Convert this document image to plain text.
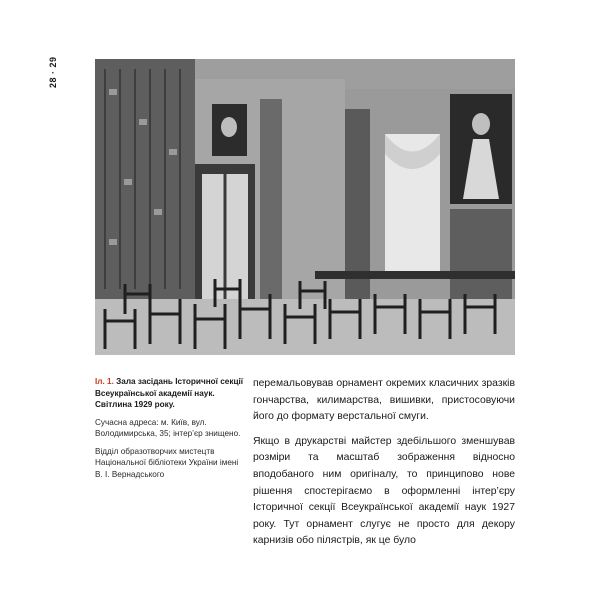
28 · 29

Іл. 1. Зала засідань Історичної секції Всеукраїнської академії наук. Світлина 1929 року.

Сучасна адреса: м. Київ, вул. Володимирська, 35; інтер’єр знищено.

Відділ образотворчих мистецтв Національної бібліотеки України імені В. І. Вернадського

перемальовував орнамент окремих класичних зразків гончарства, килимарства, вишивки, пристосовуючи його до формату верстальної смуги.

Якщо в друкарстві майстер здебільшого зменшував розміри та масштаб зображення відносно вподобаного ним оригіналу, то принципово нове рішення спостерігаємо в оформленні інтер’єру Історичної секції Всеукраїнської академії наук 1927 року. Тут орнамент слугує не просто для декору карнизів обо пілястрів, як це було
